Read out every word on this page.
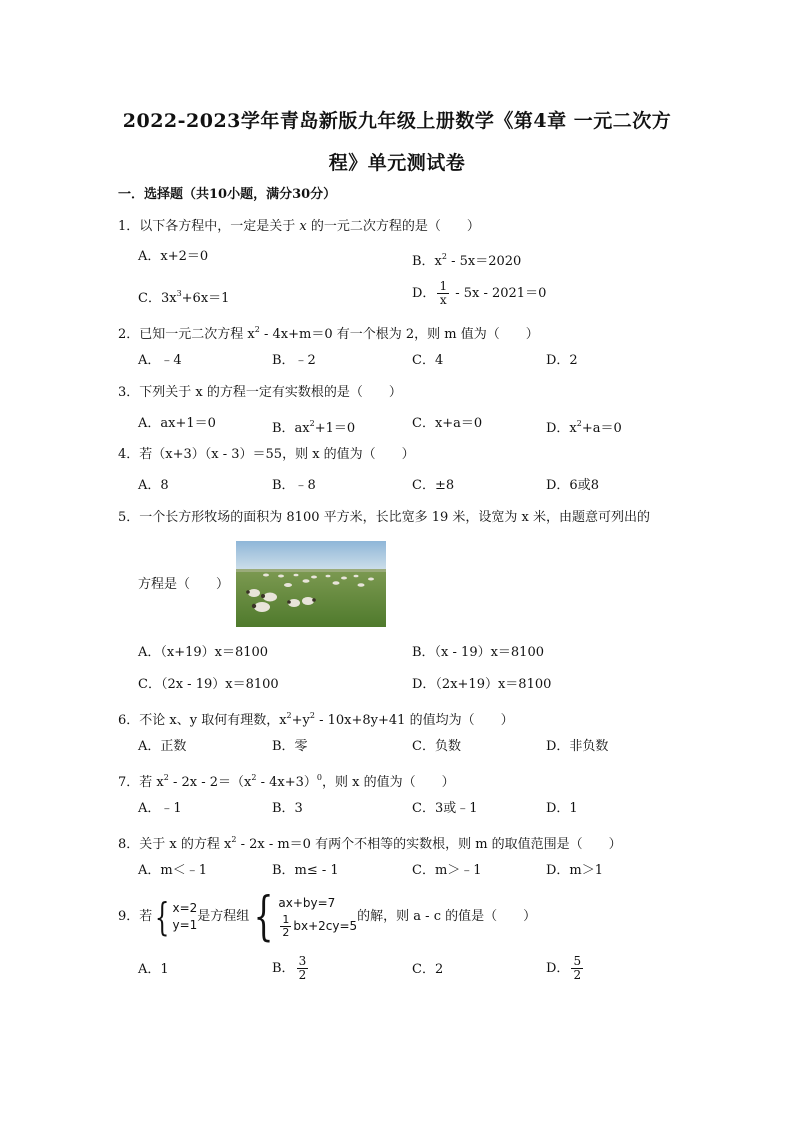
2022-2023学年青岛新版九年级上册数学《第4章 一元二次方
程》单元测试卷
一．选择题（共10小题，满分30分）
1．以下各方程中，一定是关于 x 的一元二次方程的是（　　）
A．x+2＝0	B．$x^2 - 5x=2020$
C．$3x^3+6x=1$	D． $\frac{1}{x} - 5x - 2021=0$
2．已知一元二次方程 $x^2 - 4x+m=0$ 有一个根为 2，则 m 值为（　　）
A．﹣4	B．﹣2	C．4	D．2
3．下列关于 x 的方程一定有实数根的是（　　）
A．ax+1＝0	B．$ax^2+1=0$	C．x+a＝0	D．$x^2+a=0$
4．若（x+3）（x - 3）＝55，则 x 的值为（　　）
A．8	B．﹣8	C．±8	D．6或8
5．一个长方形牧场的面积为 8100 平方米，长比宽多 19 米，设宽为 x 米，由题意可列出的
方程是（　　）
A．（x+19）x＝8100	B．（x - 19）x＝8100
C．（2x - 19）x＝8100	D．（2x+19）x＝8100
6．不论 x、y 取何有理数，$x^2+y^2 - 10x+8y+41$ 的值均为（　　）
A．正数	B．零	C．负数	D．非负数
7．若 $x^2 - 2x - 2=(x^2 - 4x+3)^0$，则 x 的值为（　　）
A．﹣1	B．3	C．3或﹣1	D．1
8．关于 x 的方程 $x^2 - 2x - m=0$ 有两个不相等的实数根，则 m 的取值范围是（　　）
A．m＜﹣1	B．m≤ - 1	C．m＞﹣1	D．m＞1
9．若{ x=2
y=1
是方程组{ ax+by=7
$\frac{1}{2} bx+2cy=5$
的解，则 a - c 的值是（　　）
A．1	B． $\frac{3}{2}$	C．2	D． $\frac{5}{2}$
